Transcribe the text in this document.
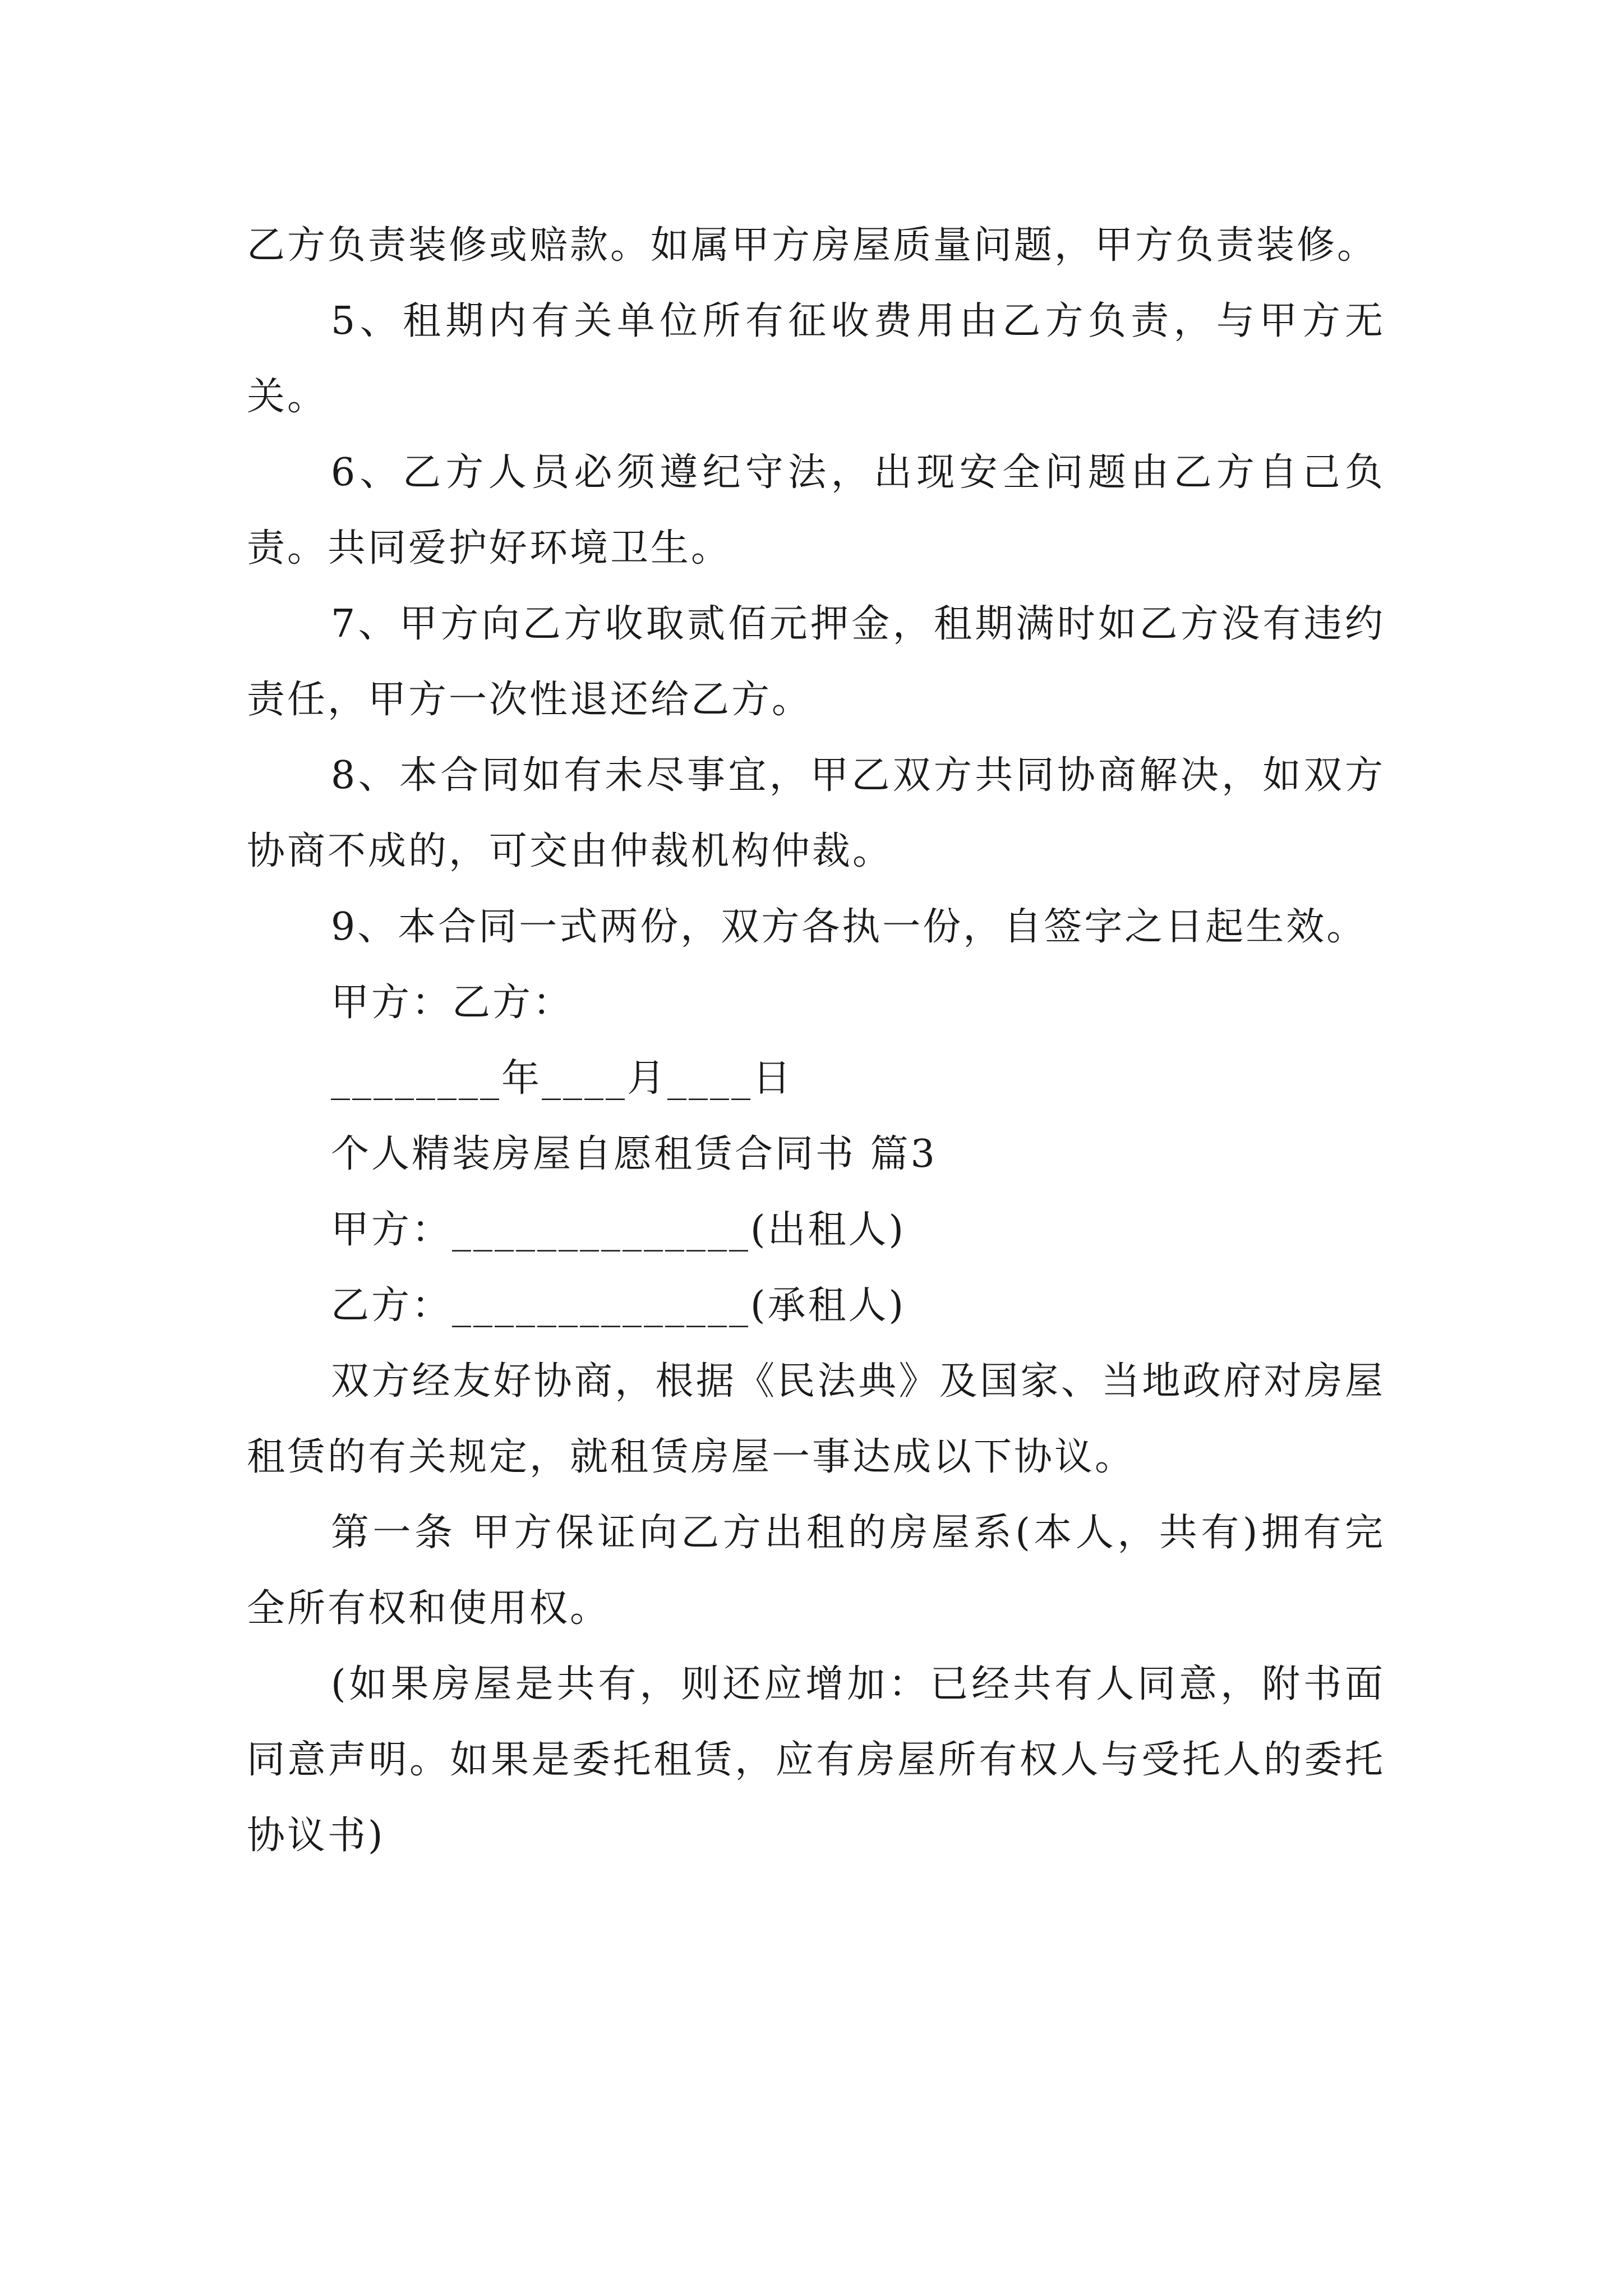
乙方负责装修或赔款。如属甲方房屋质量问题，甲方负责装修。

5、租期内有关单位所有征收费用由乙方负责，与甲方无关。

6、乙方人员必须遵纪守法，出现安全问题由乙方自己负责。共同爱护好环境卫生。

7、甲方向乙方收取贰佰元押金，租期满时如乙方没有违约责任，甲方一次性退还给乙方。

8、本合同如有未尽事宜，甲乙双方共同协商解决，如双方协商不成的，可交由仲裁机构仲裁。

9、本合同一式两份，双方各执一份，自签字之日起生效。

甲方：乙方：

________年____月____日

个人精装房屋自愿租赁合同书 篇3

甲方：______________(出租人)

乙方：______________(承租人)

双方经友好协商，根据《民法典》及国家、当地政府对房屋租赁的有关规定，就租赁房屋一事达成以下协议。

第一条 甲方保证向乙方出租的房屋系(本人，共有)拥有完全所有权和使用权。

(如果房屋是共有，则还应增加：已经共有人同意，附书面同意声明。如果是委托租赁，应有房屋所有权人与受托人的委托协议书)
